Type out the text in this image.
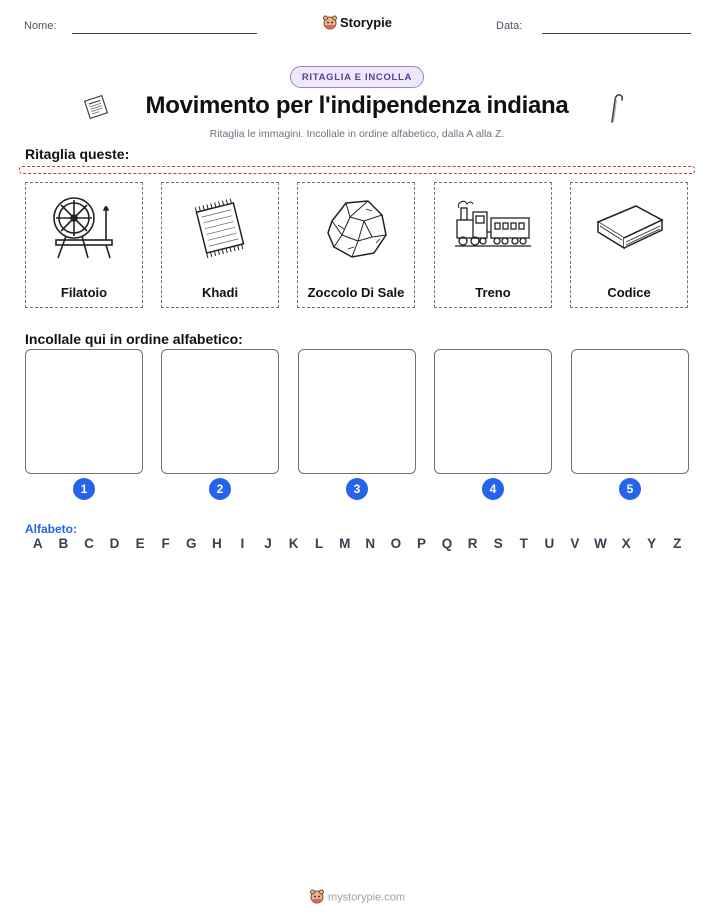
Nome:	Storypie	Data:
RITAGLIA E INCOLLA
Movimento per l'indipendenza indiana
Ritaglia le immagini. Incollale in ordine alfabetico, dalla A alla Z.
Ritaglia queste:
Filatoio	Khadi	Zoccolo Di Sale	Treno	Codice
Incollale qui in ordine alfabetico:
1	2	3	4	5
Alfabeto:
A	B	C	D	E	F	G	H	I	J	K	L	M	N	O	P	Q	R	S	T	U	V	W	X	Y	Z
mystorypie.com
